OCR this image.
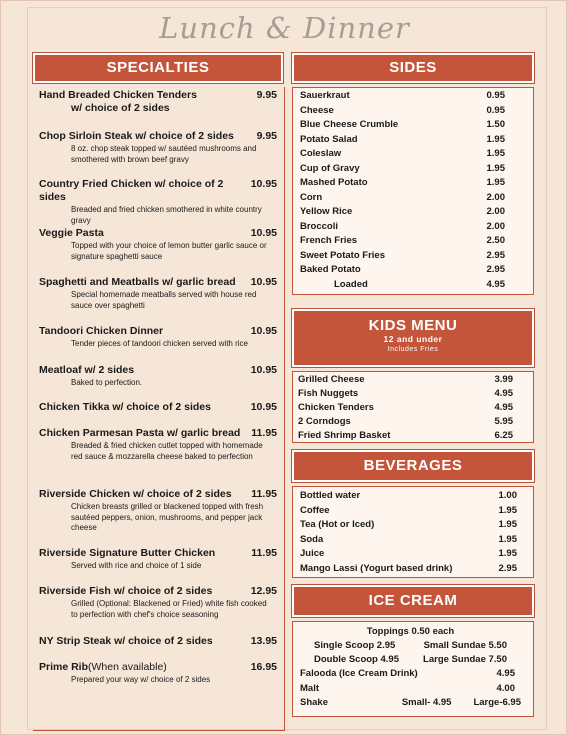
Lunch & Dinner
SPECIALTIES
Hand Breaded Chicken Tenders	9.95
w/ choice of 2 sides
Chop Sirloin Steak w/ choice of 2 sides 9.95
8 oz. chop steak topped w/ sautéed mushrooms and smothered with brown beef gravy
Country Fried Chicken w/ choice of 2 sides
10.95
Breaded and fried chicken smothered in white country gravy
Veggie Pasta	10.95
Topped with your choice of lemon butter garlic sauce or signature spaghetti sauce
Spaghetti and Meatballs w/ garlic bread 10.95
Special homemade meatballs served with house red sauce over spaghetti
Tandoori Chicken Dinner	10.95
Tender pieces of tandoori chicken served with rice
Meatloaf w/ 2 sides	10.95
Baked to perfection.
Chicken Tikka w/ choice of 2 sides	10.95
Chicken Parmesan Pasta w/ garlic bread 11.95
Breaded & fried chicken cutlet topped with homemade red sauce & mozzarella cheese baked to perfection
Riverside Chicken w/ choice of 2 sides 11.95
Chicken breasts grilled or blackened topped with fresh sautéed peppers, onion, mushrooms, and pepper jack cheese
Riverside Signature Butter Chicken	11.95
Served with rice and choice of 1 side
Riverside Fish w/ choice of 2 sides	12.95
Grilled (Optional: Blackened or Fried) white fish cooked to perfection with chef's choice seasoning
NY Strip Steak w/ choice of 2 sides	13.95
Prime Rib (When available)	16.95
Prepared your way w/ choice of 2 sides
SIDES
Sauerkraut	0.95
Cheese	0.95
Blue Cheese Crumble	1.50
Potato Salad	1.95
Coleslaw	1.95
Cup of Gravy	1.95
Mashed Potato	1.95
Corn	2.00
Yellow Rice	2.00
Broccoli	2.00
French Fries	2.50
Sweet Potato Fries	2.95
Baked Potato	2.95
Loaded	4.95
KIDS MENU
12 and under
Includes Fries
Grilled Cheese	3.99
Fish Nuggets	4.95
Chicken Tenders	4.95
2 Corndogs	5.95
Fried Shrimp Basket	6.25
BEVERAGES
Bottled water	1.00
Coffee	1.95
Tea (Hot or Iced)	1.95
Soda	1.95
Juice	1.95
Mango Lassi (Yogurt based drink)	2.95
ICE CREAM
Toppings 0.50 each
Single Scoop 2.95	Small Sundae 5.50
Double Scoop 4.95	Large Sundae 7.50
Falooda (Ice Cream Drink)	4.95
Malt	4.00
Shake	Small- 4.95 Large-6.95
